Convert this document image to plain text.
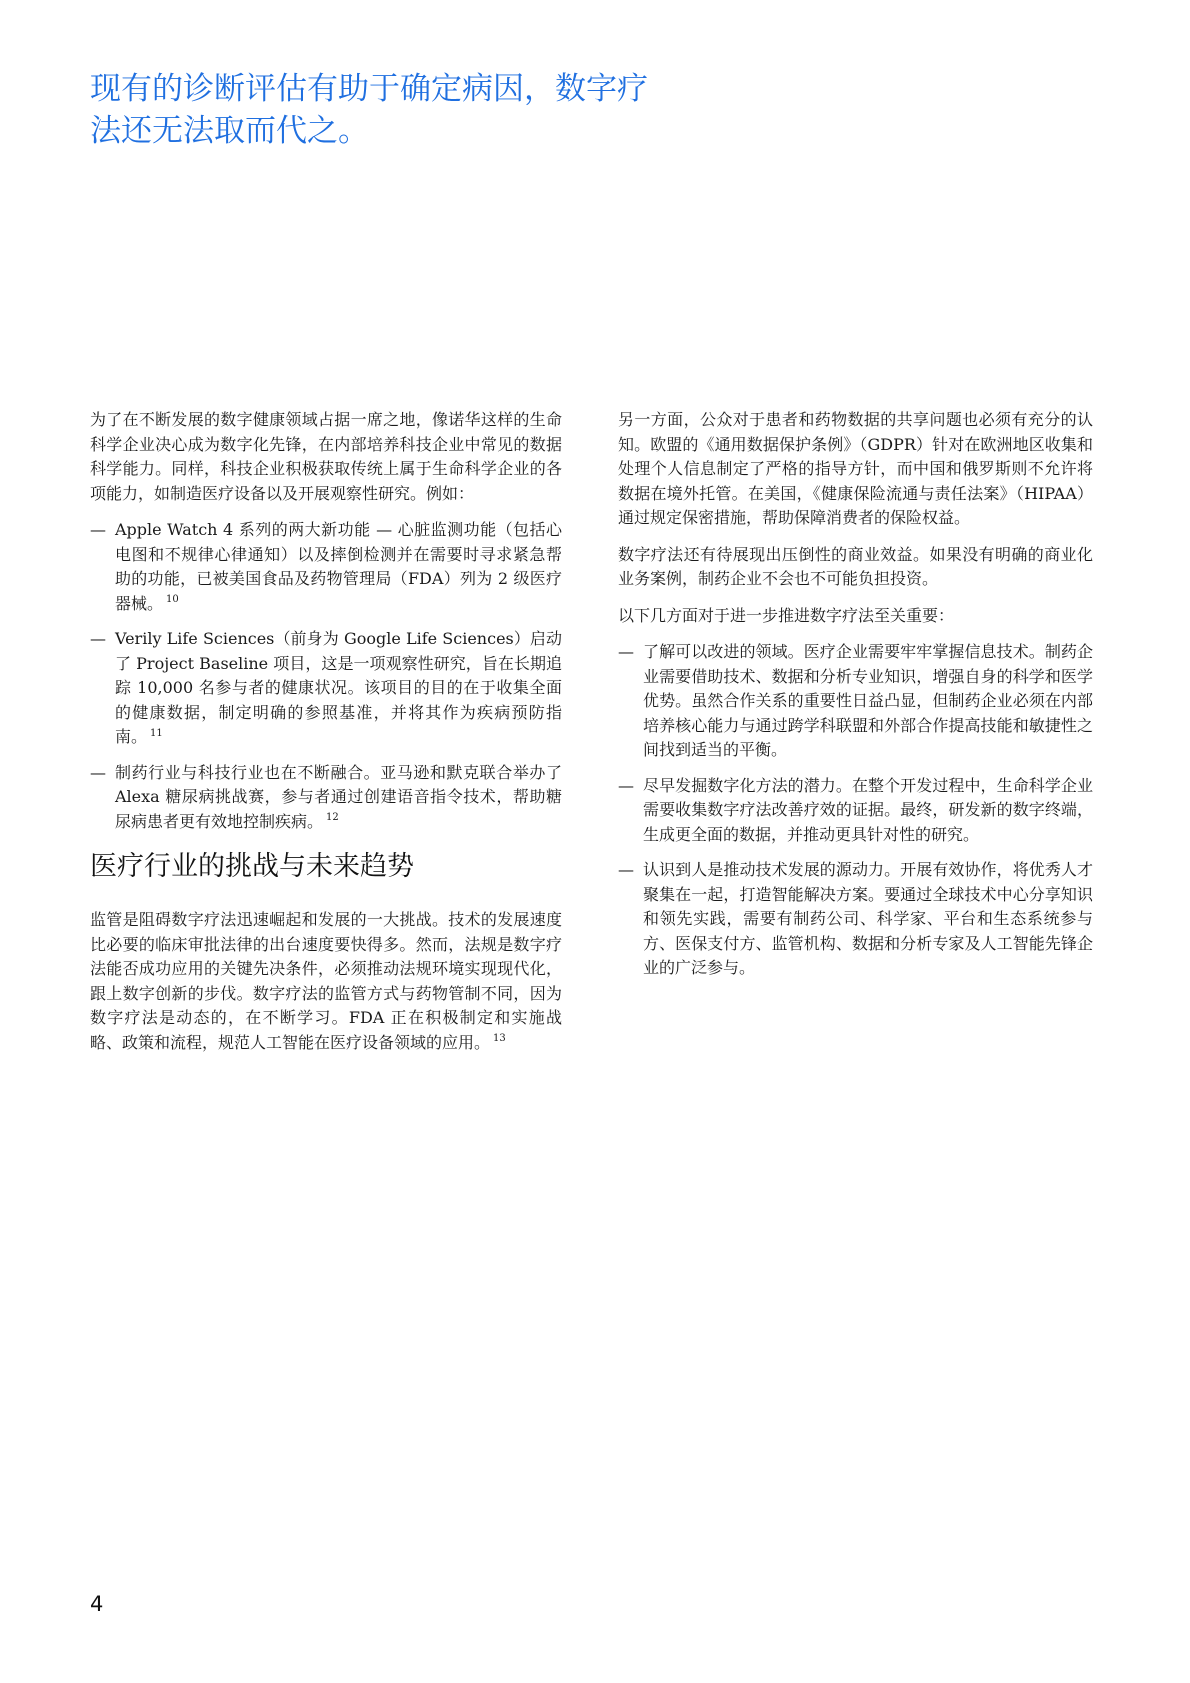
现有的诊断评估有助于确定病因，数字疗法还无法取而代之。

为了在不断发展的数字健康领域占据一席之地，像诺华这样的生命科学企业决心成为数字化先锋，在内部培养科技企业中常见的数据科学能力。同样，科技企业积极获取传统上属于生命科学企业的各项能力，如制造医疗设备以及开展观察性研究。例如：

— Apple Watch 4 系列的两大新功能 — 心脏监测功能（包括心电图和不规律心律通知）以及摔倒检测并在需要时寻求紧急帮助的功能，已被美国食品及药物管理局（FDA）列为 2 级医疗器械。 $^{10}$
— Verily Life Sciences（前身为 Google Life Sciences）启动了 Project Baseline 项目，这是一项观察性研究，旨在长期追踪 10,000 名参与者的健康状况。该项目的目的在于收集全面的健康数据，制定明确的参照基准，并将其作为疾病预防指南。 $^{11}$
— 制药行业与科技行业也在不断融合。亚马逊和默克联合举办了 Alexa 糖尿病挑战赛，参与者通过创建语音指令技术，帮助糖尿病患者更有效地控制疾病。 $^{12}$
医疗行业的挑战与未来趋势

监管是阻碍数字疗法迅速崛起和发展的一大挑战。技术的发展速度比必要的临床审批法律的出台速度要快得多。然而，法规是数字疗法能否成功应用的关键先决条件，必须推动法规环境实现现代化，跟上数字创新的步伐。数字疗法的监管方式与药物管制不同，因为数字疗法是动态的，在不断学习。FDA 正在积极制定和实施战略、政策和流程，规范人工智能在医疗设备领域的应用。 $^{13}$

另一方面，公众对于患者和药物数据的共享问题也必须有充分的认知。欧盟的《通用数据保护条例》（GDPR）针对在欧洲地区收集和处理个人信息制定了严格的指导方针，而中国和俄罗斯则不允许将数据在境外托管。在美国，《健康保险流通与责任法案》（HIPAA）通过规定保密措施，帮助保障消费者的保险权益。

数字疗法还有待展现出压倒性的商业效益。如果没有明确的商业化业务案例，制药企业不会也不可能负担投资。

以下几方面对于进一步推进数字疗法至关重要：

— 了解可以改进的领域。医疗企业需要牢牢掌握信息技术。制药企业需要借助技术、数据和分析专业知识，增强自身的科学和医学优势。虽然合作关系的重要性日益凸显，但制药企业必须在内部培养核心能力与通过跨学科联盟和外部合作提高技能和敏捷性之间找到适当的平衡。
— 尽早发掘数字化方法的潜力。在整个开发过程中，生命科学企业需要收集数字疗法改善疗效的证据。最终，研发新的数字终端，生成更全面的数据，并推动更具针对性的研究。
— 认识到人是推动技术发展的源动力。开展有效协作，将优秀人才聚集在一起，打造智能解决方案。要通过全球技术中心分享知识和领先实践，需要有制药公司、科学家、平台和生态系统参与方、医保支付方、监管机构、数据和分析专家及人工智能先锋企业的广泛参与。
4
